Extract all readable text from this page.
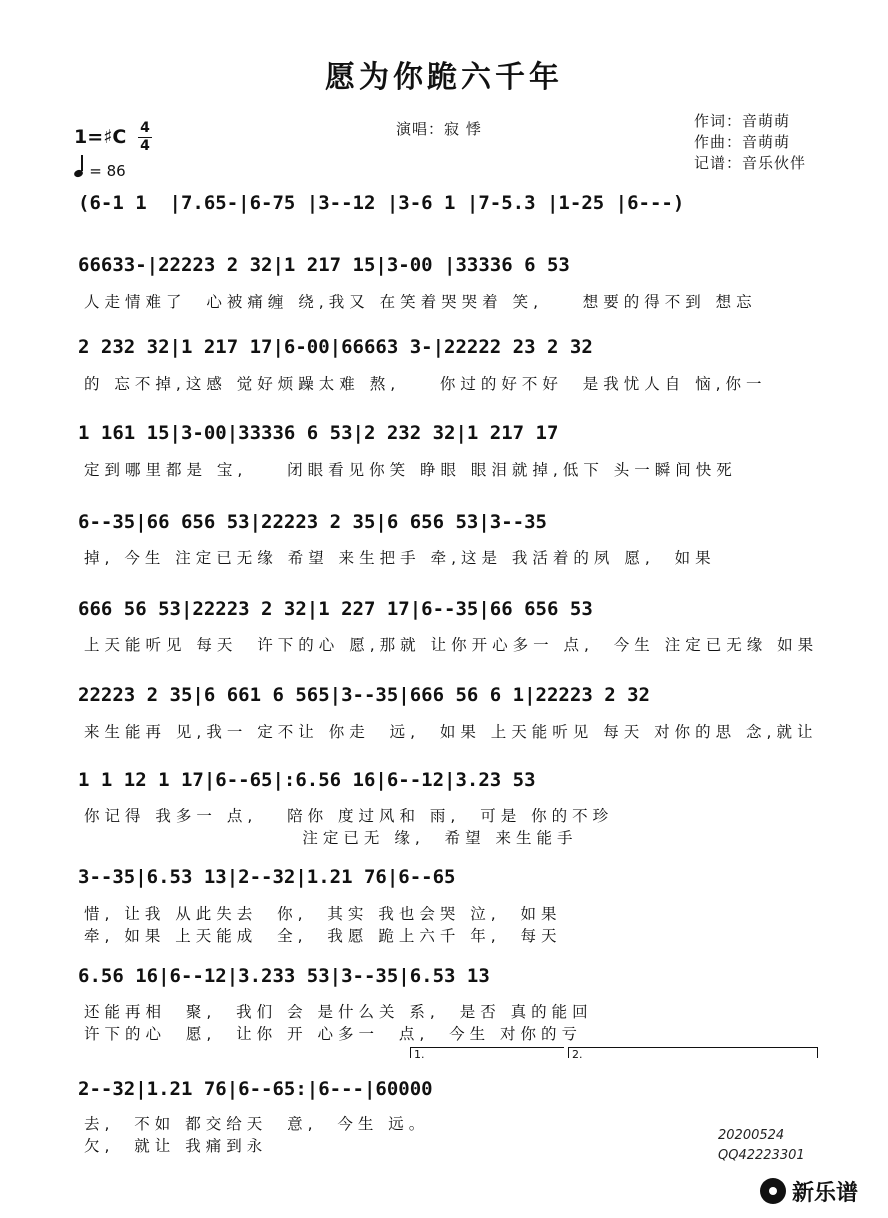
愿为你跪六千年
演唱：寂 悸	作词：音萌萌
作曲：音萌萌
记谱：音乐伙伴
1=♯C 4
4
= 86
(6-1 1  |7.65-|6-75 |3--12 |3-6 1 |7-5.3 |1-25 |6---)
66633-|22223 2 32|1 217 15|3-00 |33336 6 53
人走情难了  心被痛缠 绕,我又 在笑着哭哭着 笑,    想要的得不到 想忘
2 232 32|1 217 17|6-00|66663 3-|22222 23 2 32
的 忘不掉,这感 觉好烦躁太难 熬,    你过的好不好  是我忧人自 恼,你一
1 161 15|3-00|33336 6 53|2 232 32|1 217 17
定到哪里都是 宝,    闭眼看见你笑 睁眼 眼泪就掉,低下 头一瞬间快死
6--35|66 656 53|22223 2 35|6 656 53|3--35
掉, 今生 注定已无缘 希望 来生把手 牵,这是 我活着的夙 愿,  如果
666 56 53|22223 2 32|1 227 17|6--35|66 656 53
上天能听见 每天  许下的心 愿,那就 让你开心多一 点,  今生 注定已无缘 如果
22223 2 35|6 661 6 565|3--35|666 56 6 1|22223 2 32
来生能再 见,我一 定不让 你走  远,  如果 上天能听见 每天 对你的思 念,就让
1 1 12 1 17|6--65|:6.56 16|6--12|3.23 53
你记得 我多一 点,   陪你 度过风和 雨,  可是 你的不珍
注定已无 缘,  希望 来生能手
3--35|6.53 13|2--32|1.21 76|6--65
惜, 让我 从此失去  你,  其实 我也会哭 泣,  如果
牵, 如果 上天能成  全,  我愿 跪上六千 年,  每天
6.56 16|6--12|3.233 53|3--35|6.53 13
还能再相  聚,  我们 会 是什么关 系,  是否 真的能回
许下的心  愿,  让你 开 心多一  点,  今生 对你的亏
1.	2.
2--32|1.21 76|6--65:|6---|60000
去,  不如 都交给天  意,  今生 远。
欠,  就让 我痛到永
20200524
QQ42223301
新乐谱
